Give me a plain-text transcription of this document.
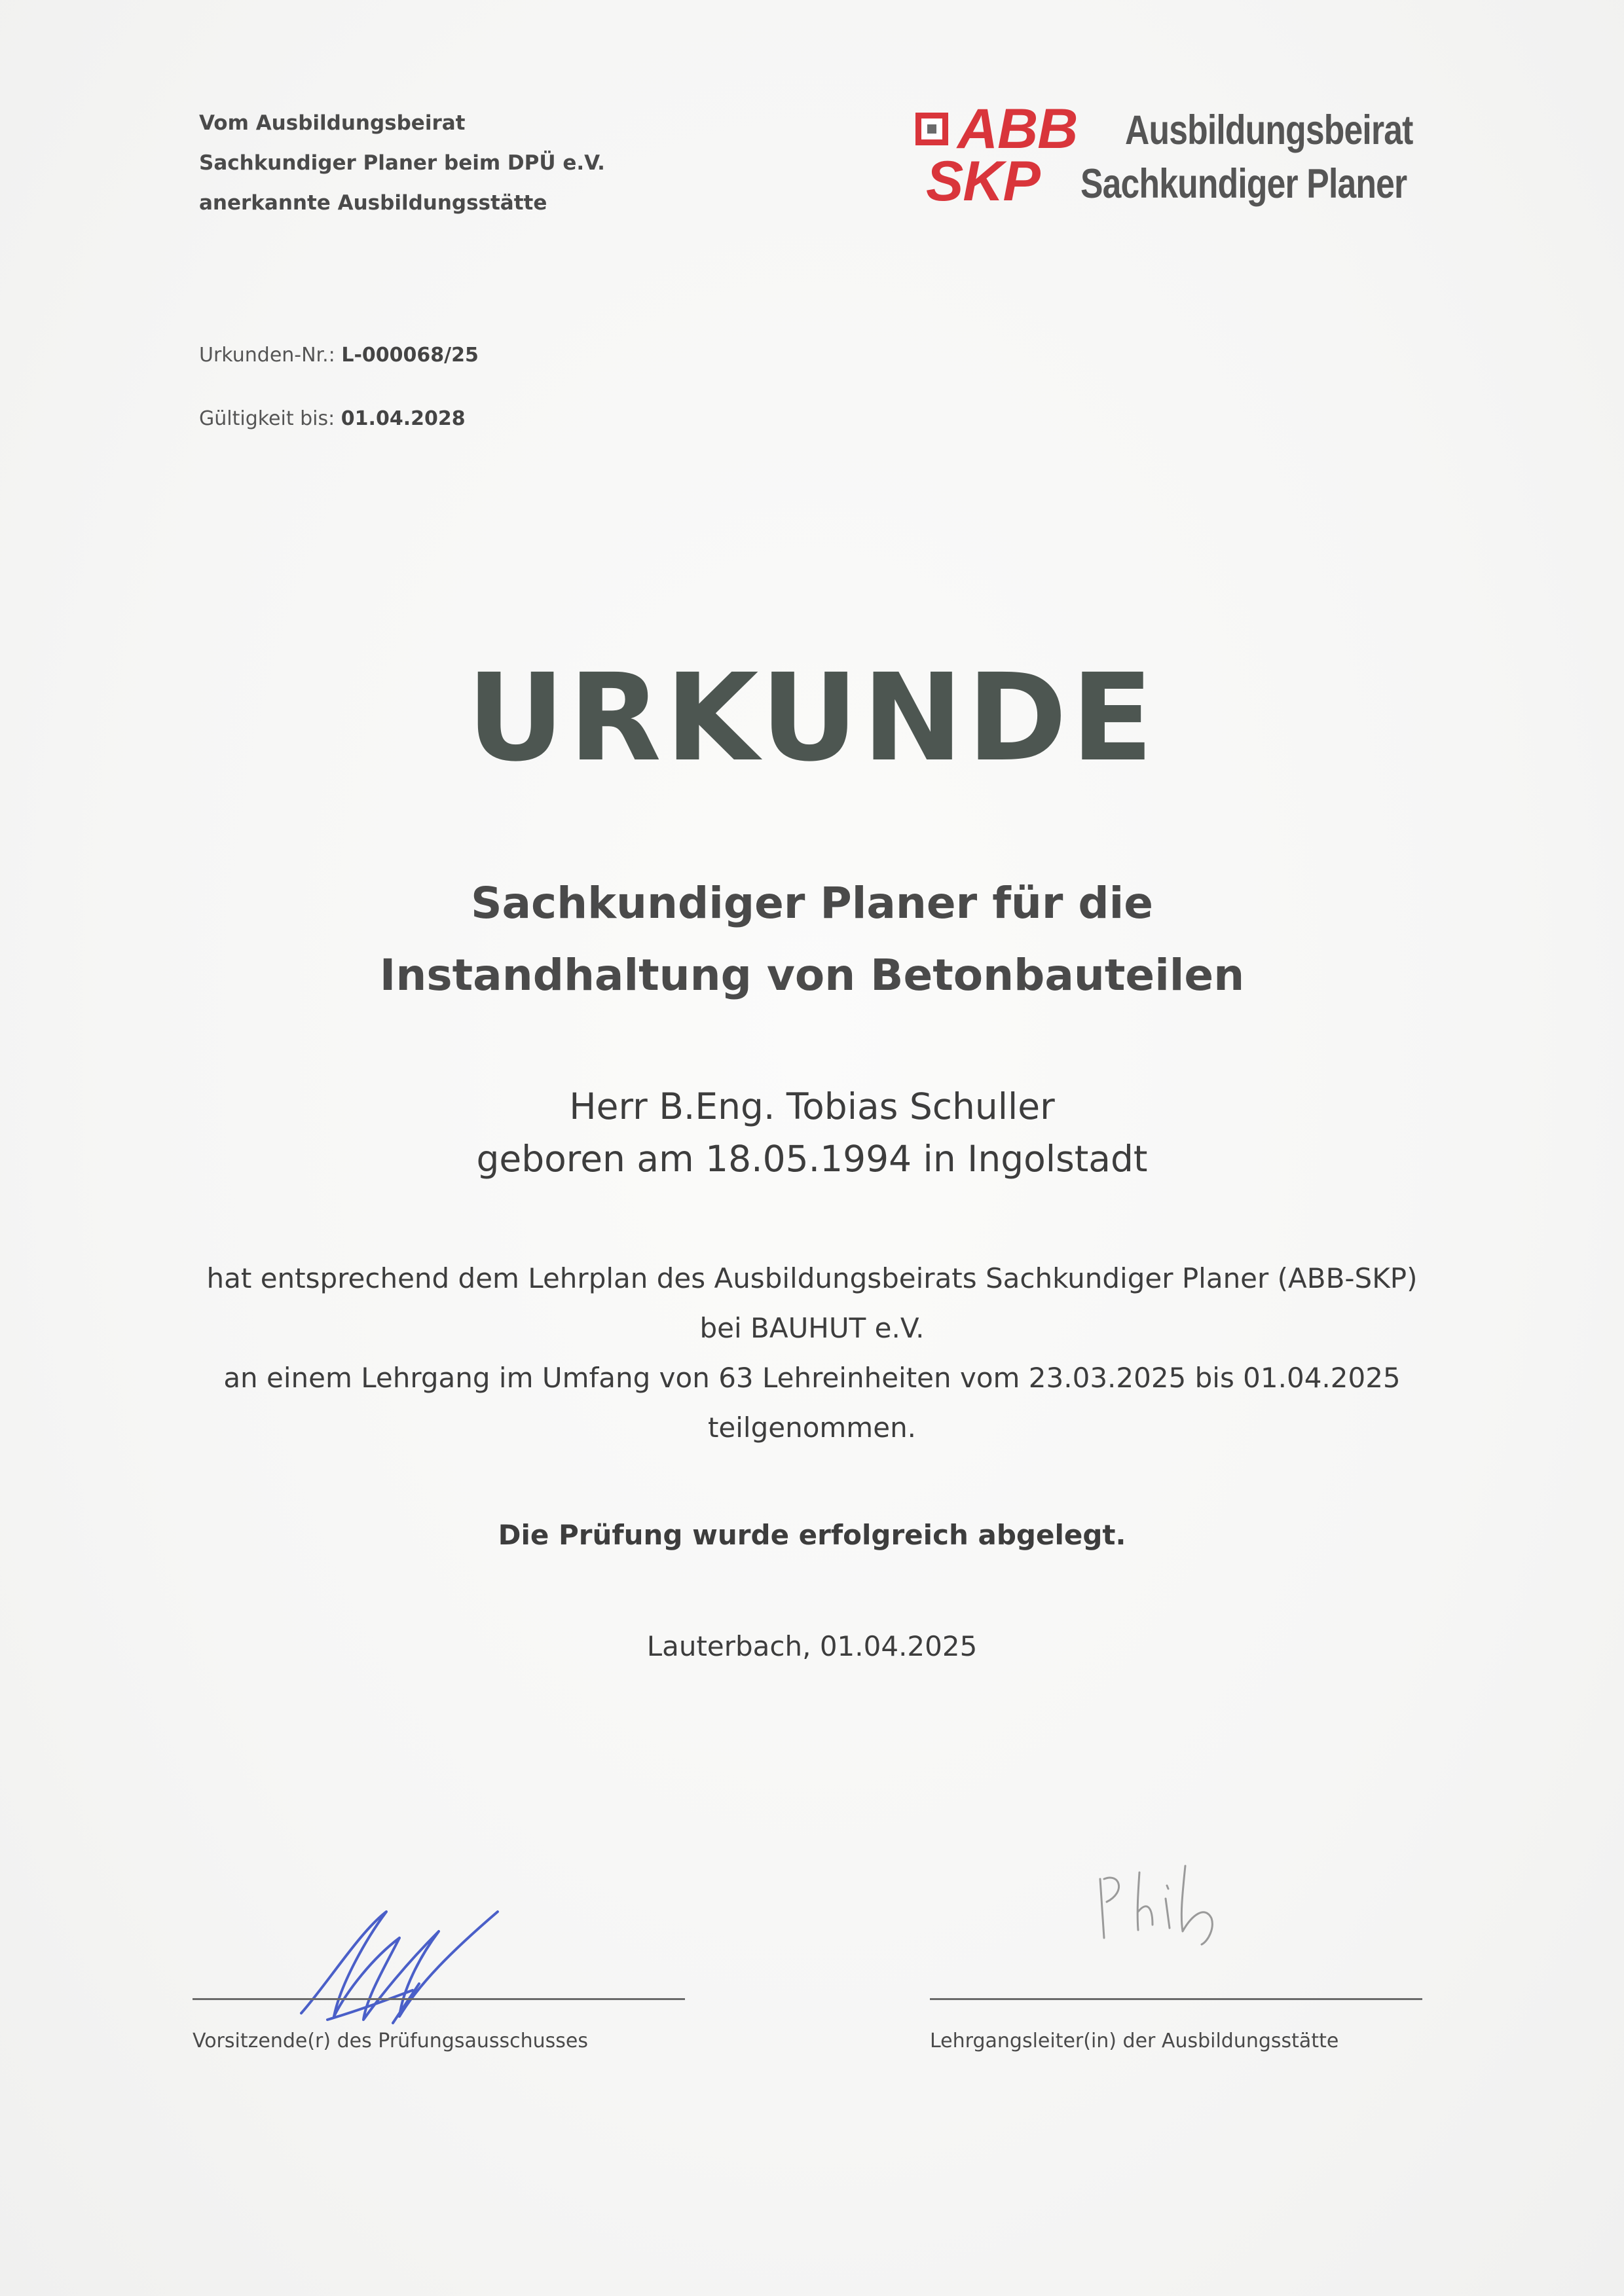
Vom Ausbildungsbeirat
Sachkundiger Planer beim DPÜ e.V.
anerkannte Ausbildungsstätte
ABB
SKP
Ausbildungsbeirat
Sachkundiger Planer
Urkunden-Nr.: L-000068/25
Gültigkeit bis: 01.04.2028
URKUNDE
Sachkundiger Planer für die
Instandhaltung von Betonbauteilen
Herr B.Eng. Tobias Schuller
geboren am 18.05.1994 in Ingolstadt
hat entsprechend dem Lehrplan des Ausbildungsbeirats Sachkundiger Planer (ABB-SKP)
bei BAUHUT e.V.
an einem Lehrgang im Umfang von 63 Lehreinheiten vom 23.03.2025 bis 01.04.2025
teilgenommen.
Die Prüfung wurde erfolgreich abgelegt.
Lauterbach, 01.04.2025
Vorsitzende(r) des Prüfungsausschusses	Lehrgangsleiter(in) der Ausbildungsstätte
